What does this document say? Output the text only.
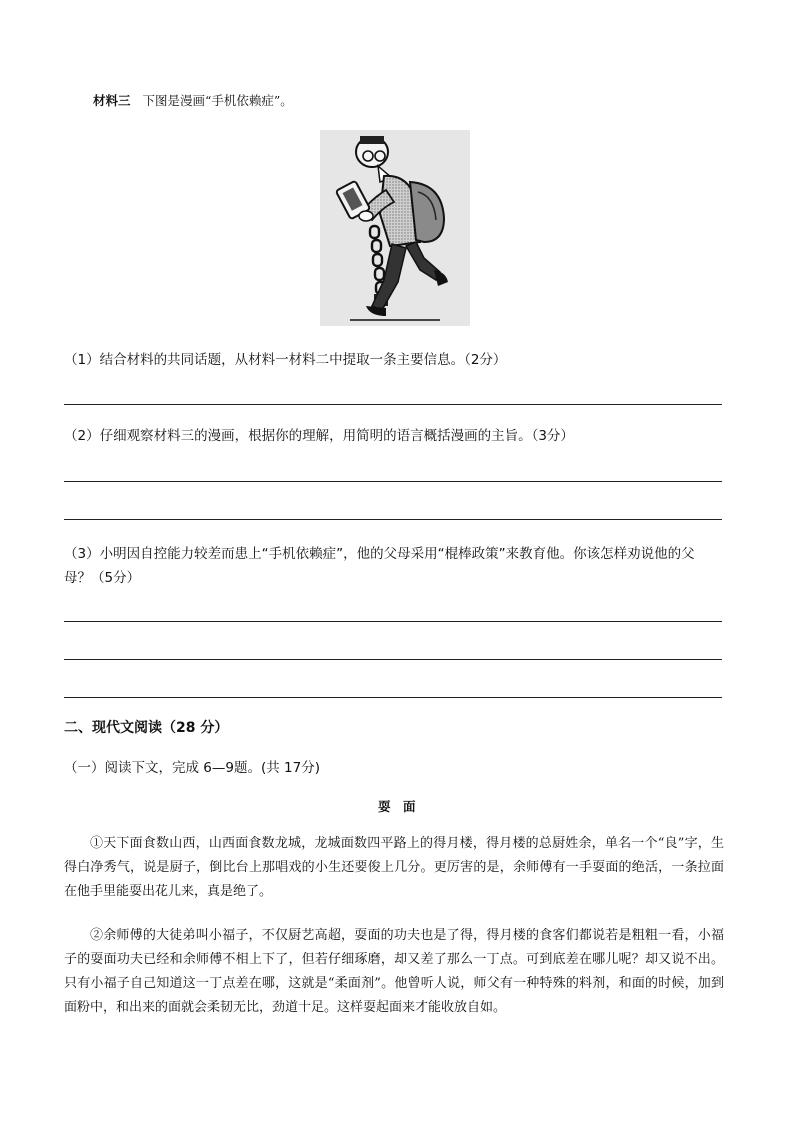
材料三 下图是漫画“手机依赖症”。
（1）结合材料的共同话题，从材料一材料二中提取一条主要信息。（2分）
（2）仔细观察材料三的漫画，根据你的理解，用简明的语言概括漫画的主旨。（3分）
（3）小明因自控能力较差而患上“手机依赖症”，他的父母采用“棍棒政策”来教育他。你该怎样劝说他的父
母？（5分）
二、现代文阅读（28 分）
（一）阅读下文，完成 6—9题。(共 17分)
耍　面
①天下面食数山西，山西面食数龙城，龙城面数四平路上的得月楼，得月楼的总厨姓余，单名一个“良”字，生得白净秀气，说是厨子，倒比台上那唱戏的小生还要俊上几分。更厉害的是，余师傅有一手耍面的绝活，一条拉面在他手里能耍出花儿来，真是绝了。
②余师傅的大徒弟叫小福子，不仅厨艺高超，耍面的功夫也是了得，得月楼的食客们都说若是粗粗一看，小福子的耍面功夫已经和余师傅不相上下了，但若仔细琢磨，却又差了那么一丁点。可到底差在哪儿呢？却又说不出。只有小福子自己知道这一丁点差在哪，这就是“柔面剂”。他曾听人说，师父有一种特殊的料剂，和面的时候，加到面粉中，和出来的面就会柔韧无比，劲道十足。这样耍起面来才能收放自如。
